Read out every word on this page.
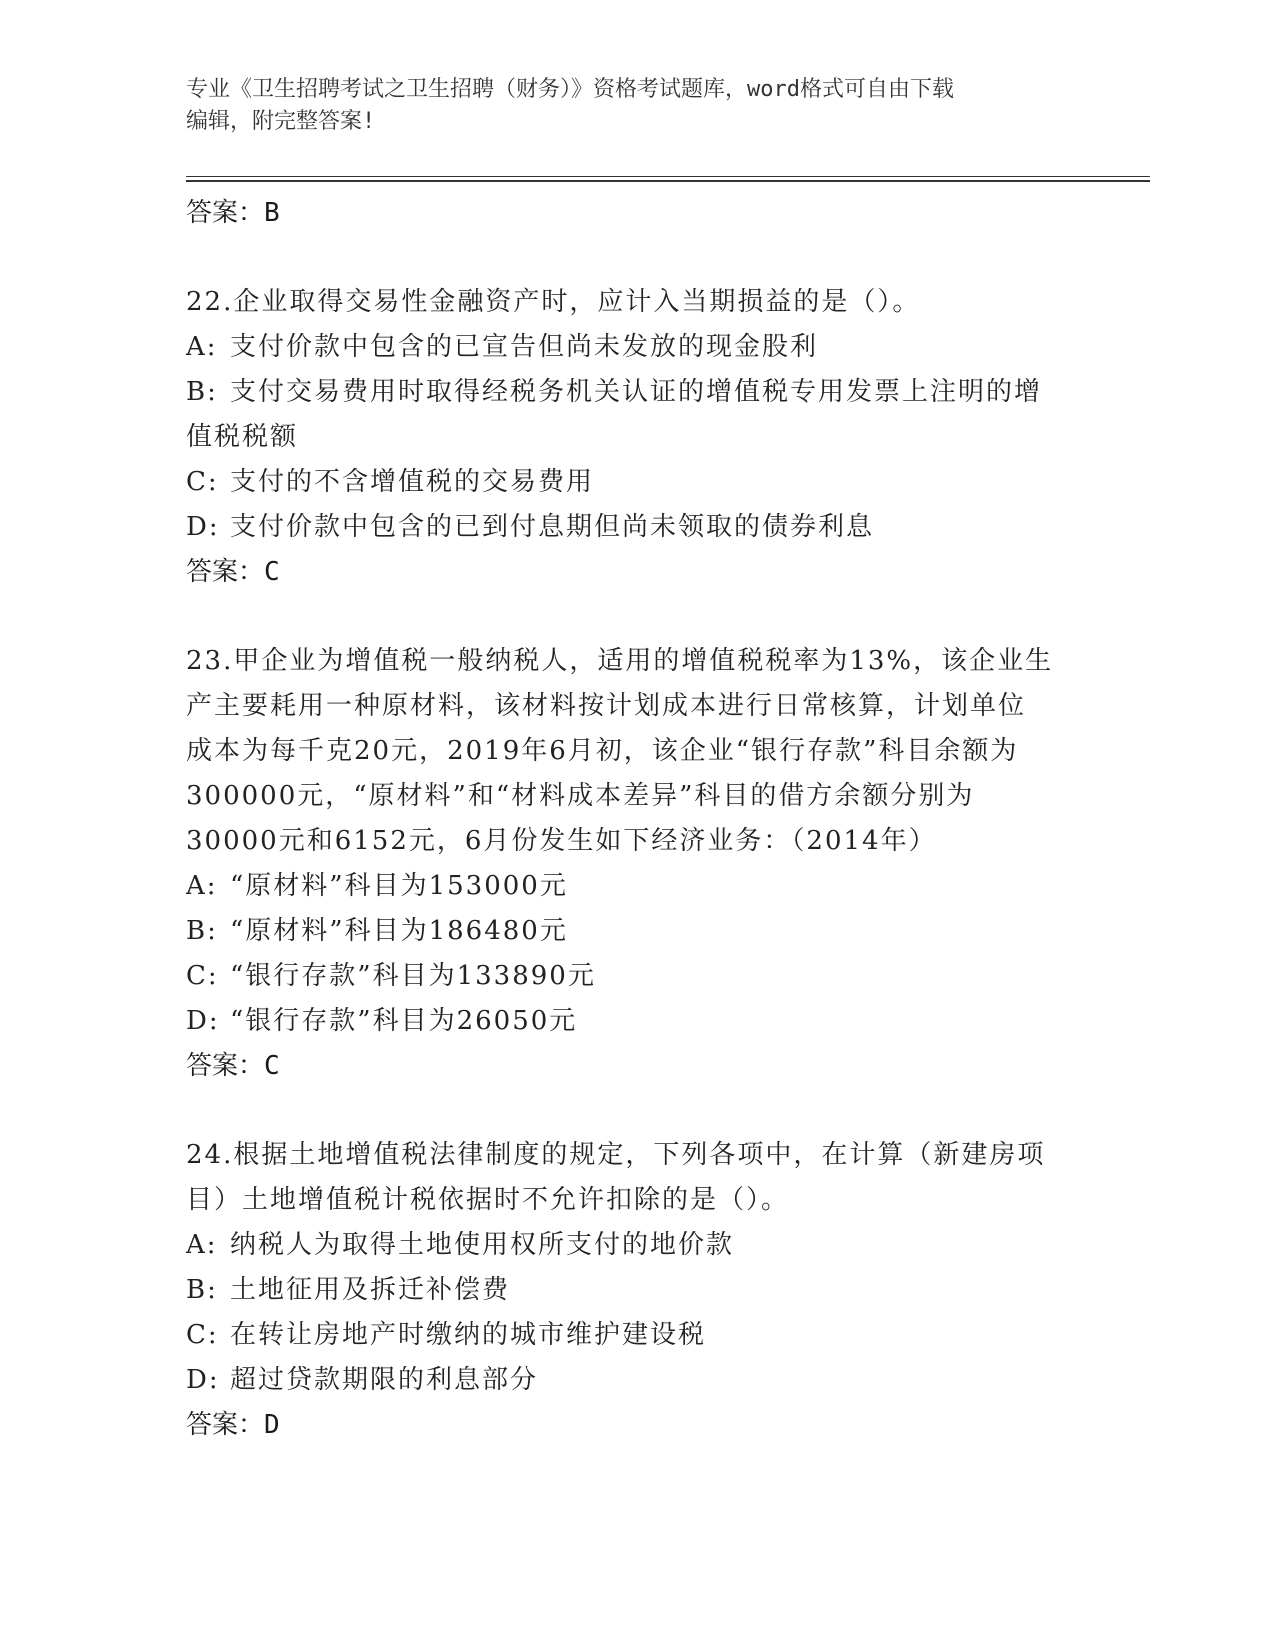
专业《卫生招聘考试之卫生招聘（财务）》资格考试题库，word格式可自由下载
编辑，附完整答案!
答案：B

22.企业取得交易性金融资产时，应计入当期损益的是（）。

A: 支付价款中包含的已宣告但尚未发放的现金股利
B: 支付交易费用时取得经税务机关认证的增值税专用发票上注明的增

值税税额

C: 支付的不含增值税的交易费用
D: 支付价款中包含的已到付息期但尚未领取的债券利息
答案：C

23.甲企业为增值税一般纳税人，适用的增值税税率为13%，该企业生

产主要耗用一种原材料，该材料按计划成本进行日常核算，计划单位

成本为每千克20元，2019年6月初，该企业“银行存款”科目余额为

300000元，“原材料”和“材料成本差异”科目的借方余额分别为

30000元和6152元，6月份发生如下经济业务：（2014年）

A: “原材料”科目为153000元
B: “原材料”科目为186480元
C: “银行存款”科目为133890元
D: “银行存款”科目为26050元
答案：C

24.根据土地增值税法律制度的规定，下列各项中，在计算（新建房项

目）土地增值税计税依据时不允许扣除的是（）。

A: 纳税人为取得土地使用权所支付的地价款
B: 土地征用及拆迁补偿费
C: 在转让房地产时缴纳的城市维护建设税
D: 超过贷款期限的利息部分
答案：D
